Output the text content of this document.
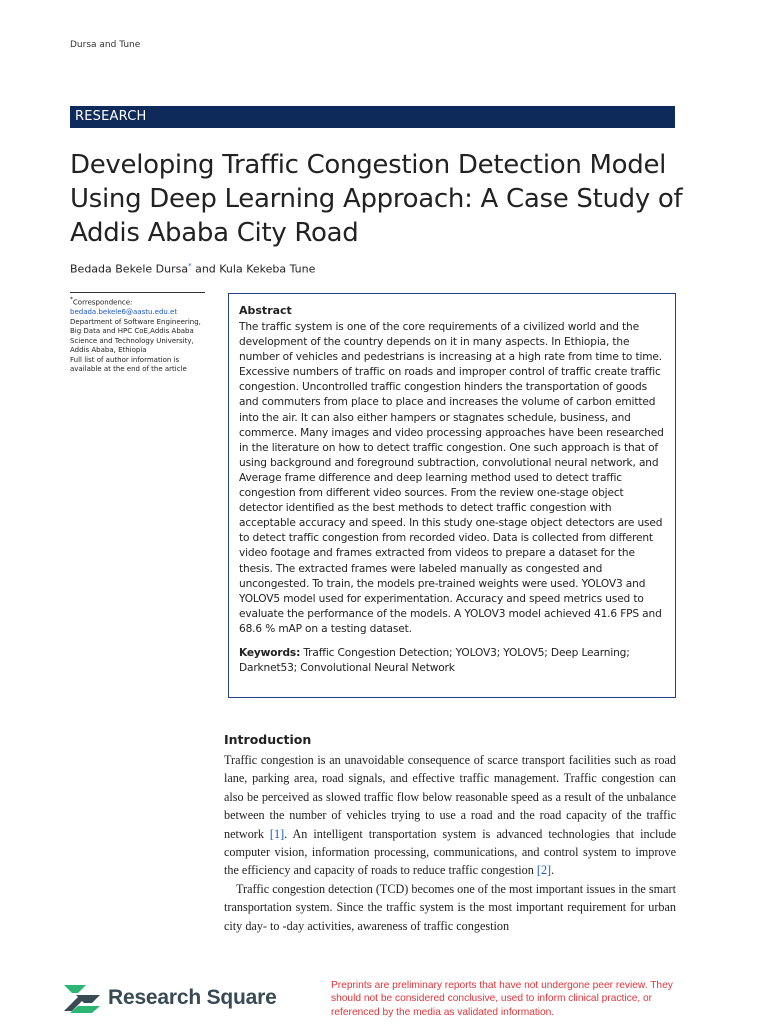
Dursa and Tune
RESEARCH
Developing Traffic Congestion Detection Model Using Deep Learning Approach: A Case Study of Addis Ababa City Road
Bedada Bekele Dursa* and Kula Kekeba Tune
*Correspondence:
bedada.bekele6@aastu.edu.et
Department of Software Engineering, Big Data and HPC CoE,Addis Ababa Science and Technology University, Addis Ababa, Ethiopia
Full list of author information is available at the end of the article
Abstract

The traffic system is one of the core requirements of a civilized world and the development of the country depends on it in many aspects. In Ethiopia, the number of vehicles and pedestrians is increasing at a high rate from time to time. Excessive numbers of traffic on roads and improper control of traffic create traffic congestion. Uncontrolled traffic congestion hinders the transportation of goods and commuters from place to place and increases the volume of carbon emitted into the air. It can also either hampers or stagnates schedule, business, and commerce. Many images and video processing approaches have been researched in the literature on how to detect traffic congestion. One such approach is that of using background and foreground subtraction, convolutional neural network, and Average frame difference and deep learning method used to detect traffic congestion from different video sources. From the review one-stage object detector identified as the best methods to detect traffic congestion with acceptable accuracy and speed. In this study one-stage object detectors are used to detect traffic congestion from recorded video. Data is collected from different video footage and frames extracted from videos to prepare a dataset for the thesis. The extracted frames were labeled manually as congested and uncongested. To train, the models pre-trained weights were used. YOLOV3 and YOLOV5 model used for experimentation. Accuracy and speed metrics used to evaluate the performance of the models. A YOLOV3 model achieved 41.6 FPS and 68.6 % mAP on a testing dataset.

Keywords: Traffic Congestion Detection; YOLOV3; YOLOV5; Deep Learning; Darknet53; Convolutional Neural Network

Introduction

Traffic congestion is an unavoidable consequence of scarce transport facilities such as road lane, parking area, road signals, and effective traffic management. Traffic congestion can also be perceived as slowed traffic flow below reasonable speed as a result of the unbalance between the number of vehicles trying to use a road and the road capacity of the traffic network [1]. An intelligent transportation system is advanced technologies that include computer vision, information processing, communications, and control system to improve the efficiency and capacity of roads to reduce traffic congestion [2].

Traffic congestion detection (TCD) becomes one of the most important issues in the smart transportation system. Since the traffic system is the most important requirement for urban city day- to -day activities, awareness of traffic congestion

Research Square
Preprints are preliminary reports that have not undergone peer review. They should not be considered conclusive, used to inform clinical practice, or referenced by the media as validated information.
